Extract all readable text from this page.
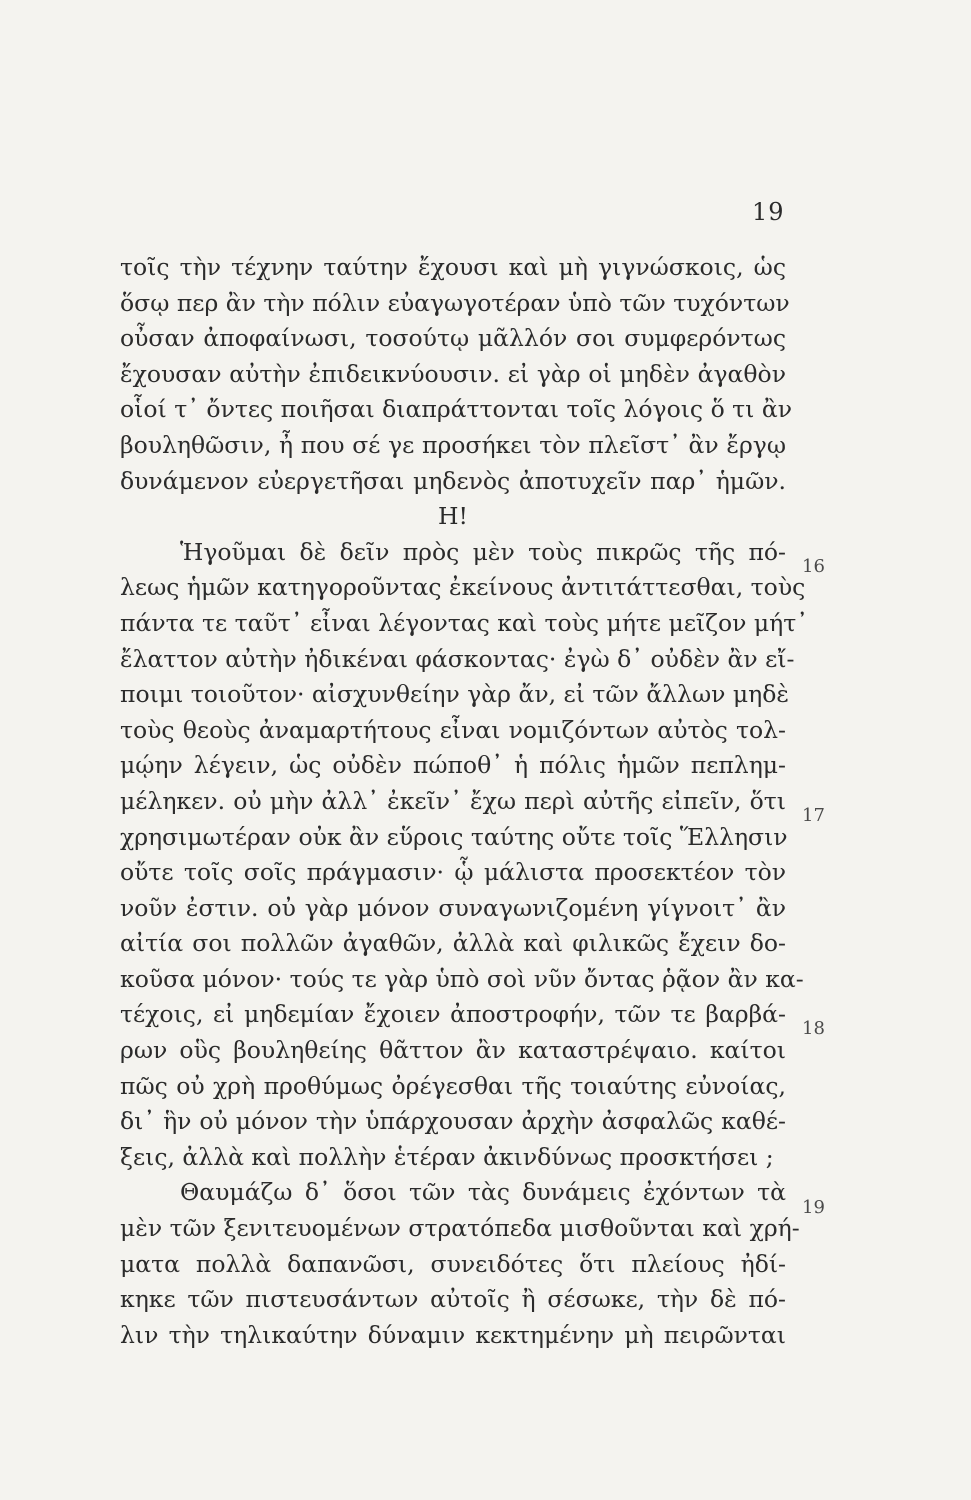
19
τοῖς τὴν τέχνην ταύτην ἔχουσι καὶ μὴ γιγνώσκοις, ὡς
ὅσῳ περ ἂν τὴν πόλιν εὐαγωγοτέραν ὑπὸ τῶν τυχόντων
οὖσαν ἀποφαίνωσι, τοσούτῳ μᾶλλόν σοι συμφερόντως
ἔχουσαν αὐτὴν ἐπιδεικνύουσιν. εἰ γὰρ οἱ μηδὲν ἀγαθὸν
οἷοί τ᾽ ὄντες ποιῆσαι διαπράττονται τοῖς λόγοις ὅ τι ἂν
βουληθῶσιν, ἦ που σέ γε προσήκει τὸν πλεῖστ᾽ ἂν ἔργῳ
δυνάμενον εὐεργετῆσαι μηδενὸς ἀποτυχεῖν παρ᾽ ἡμῶν.
Η!
Ἡγοῦμαι δὲ δεῖν πρὸς μὲν τοὺς πικρῶς τῆς πό-
λεως ἡμῶν κατηγοροῦντας ἐκείνους ἀντιτάττεσθαι, τοὺς
πάντα τε ταῦτ᾽ εἶναι λέγοντας καὶ τοὺς μήτε μεῖζον μήτ᾽
ἔλαττον αὐτὴν ἠδικέναι φάσκοντας· ἐγὼ δ᾽ οὐδὲν ἂν εἴ-
ποιμι τοιοῦτον· αἰσχυνθείην γὰρ ἄν, εἰ τῶν ἄλλων μηδὲ
τοὺς θεοὺς ἀναμαρτήτους εἶναι νομιζόντων αὐτὸς τολ-
μῴην λέγειν, ὡς οὐδὲν πώποθ᾽ ἡ πόλις ἡμῶν πεπλημ-
μέληκεν. οὐ μὴν ἀλλ᾽ ἐκεῖν᾽ ἔχω περὶ αὐτῆς εἰπεῖν, ὅτι
χρησιμωτέραν οὐκ ἂν εὕροις ταύτης οὔτε τοῖς Ἕλλησιν
οὔτε τοῖς σοῖς πράγμασιν· ᾧ μάλιστα προσεκτέον τὸν
νοῦν ἐστιν. οὐ γὰρ μόνον συναγωνιζομένη γίγνοιτ᾽ ἂν
αἰτία σοι πολλῶν ἀγαθῶν, ἀλλὰ καὶ φιλικῶς ἔχειν δο-
κοῦσα μόνον· τούς τε γὰρ ὑπὸ σοὶ νῦν ὄντας ῥᾷον ἂν κα-
τέχοις, εἰ μηδεμίαν ἔχοιεν ἀποστροφήν, τῶν τε βαρβά-
ρων οὓς βουληθείης θᾶττον ἂν καταστρέψαιο. καίτοι
πῶς οὐ χρὴ προθύμως ὀρέγεσθαι τῆς τοιαύτης εὐνοίας,
δι᾽ ἣν οὐ μόνον τὴν ὑπάρχουσαν ἀρχὴν ἀσφαλῶς καθέ-
ξεις, ἀλλὰ καὶ πολλὴν ἑτέραν ἀκινδύνως προσκτήσει ;
Θαυμάζω δ᾽ ὅσοι τῶν τὰς δυνάμεις ἐχόντων τὰ
μὲν τῶν ξενιτευομένων στρατόπεδα μισθοῦνται καὶ χρή-
ματα πολλὰ δαπανῶσι, συνειδότες ὅτι πλείους ἠδί-
κηκε τῶν πιστευσάντων αὐτοῖς ἢ σέσωκε, τὴν δὲ πό-
λιν τὴν τηλικαύτην δύναμιν κεκτημένην μὴ πειρῶνται
16
17
18
19
